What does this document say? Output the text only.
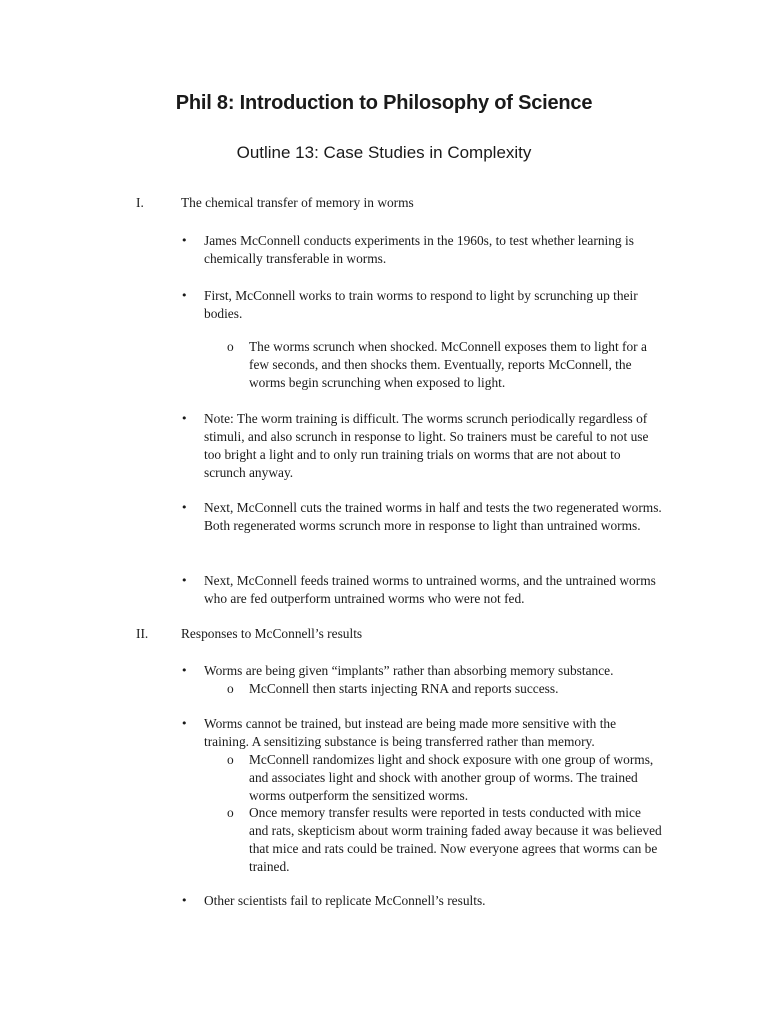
Phil 8: Introduction to Philosophy of Science
Outline 13: Case Studies in Complexity
I.	The chemical transfer of memory in worms
• James McConnell conducts experiments in the 1960s, to test whether learning is chemically transferable in worms.
• First, McConnell works to train worms to respond to light by scrunching up their bodies.
o The worms scrunch when shocked. McConnell exposes them to light for a few seconds, and then shocks them. Eventually, reports McConnell, the worms begin scrunching when exposed to light.
• Note: The worm training is difficult. The worms scrunch periodically regardless of stimuli, and also scrunch in response to light. So trainers must be careful to not use too bright a light and to only run training trials on worms that are not about to scrunch anyway.
• Next, McConnell cuts the trained worms in half and tests the two regenerated worms. Both regenerated worms scrunch more in response to light than untrained worms.
• Next, McConnell feeds trained worms to untrained worms, and the untrained worms who are fed outperform untrained worms who were not fed.
II. Responses to McConnell’s results
• Worms are being given “implants” rather than absorbing memory substance.
o McConnell then starts injecting RNA and reports success.
• Worms cannot be trained, but instead are being made more sensitive with the training. A sensitizing substance is being transferred rather than memory.
o McConnell randomizes light and shock exposure with one group of worms, and associates light and shock with another group of worms. The trained worms outperform the sensitized worms.
o Once memory transfer results were reported in tests conducted with mice and rats, skepticism about worm training faded away because it was believed that mice and rats could be trained. Now everyone agrees that worms can be trained.
• Other scientists fail to replicate McConnell’s results.
